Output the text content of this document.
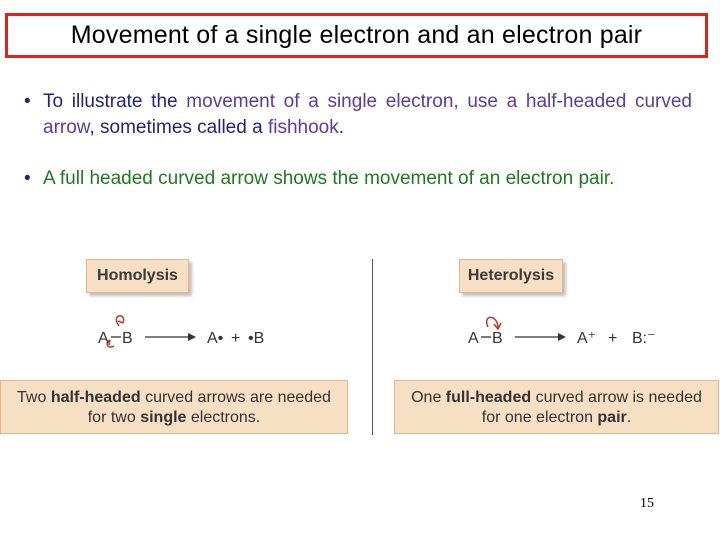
Movement of a single electron and an electron pair
• To illustrate the movement of a single electron, use a half-headed curved arrow, sometimes called a fishhook.
• A full headed curved arrow shows the movement of an electron pair.
Homolysis	Heterolysis
A B	A• + •B	A B	A⁺ + B:⁻
Two half-headed curved arrows are needed
for two single electrons.
One full-headed curved arrow is needed
for one electron pair.
15
